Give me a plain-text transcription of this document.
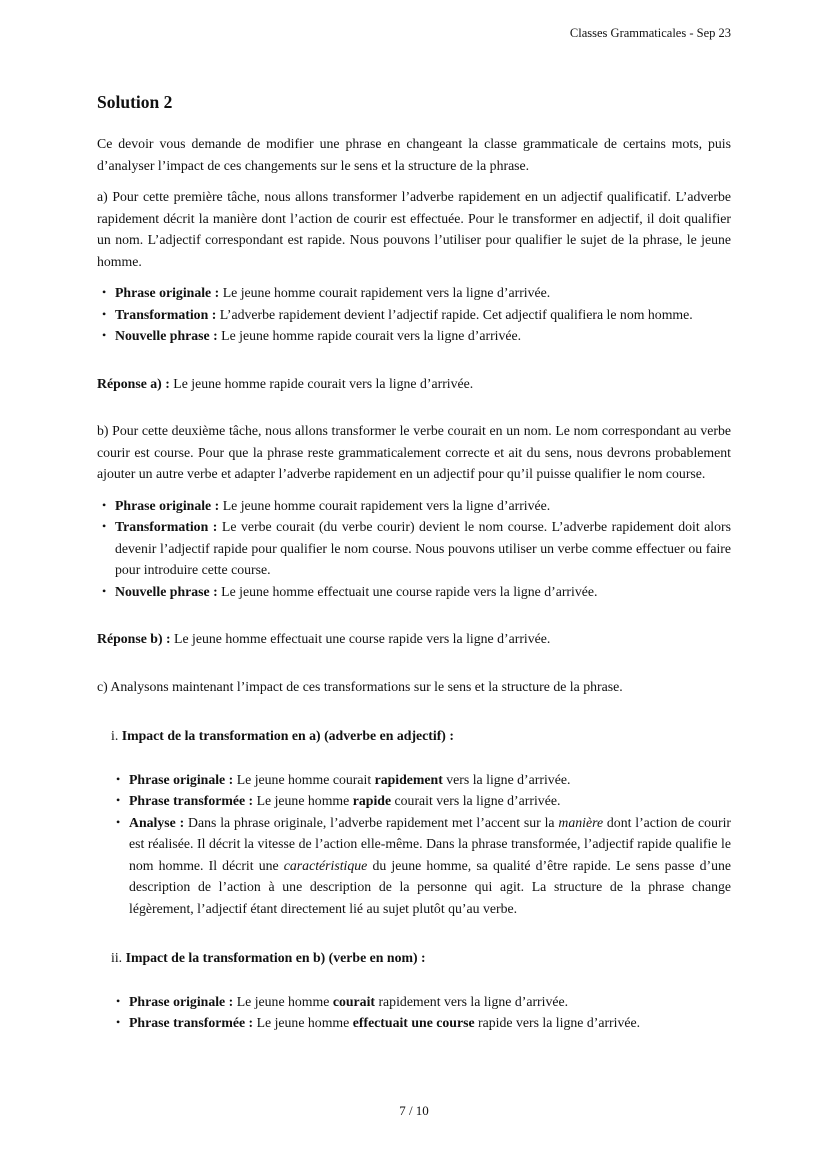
Classes Grammaticales - Sep 23
Solution 2

Ce devoir vous demande de modifier une phrase en changeant la classe grammaticale de certains mots, puis d’analyser l’impact de ces changements sur le sens et la structure de la phrase.

a) Pour cette première tâche, nous allons transformer l’adverbe rapidement en un adjectif qualificatif. L’adverbe rapidement décrit la manière dont l’action de courir est effectuée. Pour le transformer en adjectif, il doit qualifier un nom. L’adjectif correspondant est rapide. Nous pouvons l’utiliser pour qualifier le sujet de la phrase, le jeune homme.

• Phrase originale : Le jeune homme courait rapidement vers la ligne d’arrivée.
• Transformation : L’adverbe rapidement devient l’adjectif rapide. Cet adjectif qualifiera le nom homme.
• Nouvelle phrase : Le jeune homme rapide courait vers la ligne d’arrivée.

Réponse a) : Le jeune homme rapide courait vers la ligne d’arrivée.

b) Pour cette deuxième tâche, nous allons transformer le verbe courait en un nom. Le nom correspondant au verbe courir est course. Pour que la phrase reste grammaticalement correcte et ait du sens, nous devrons probablement ajouter un autre verbe et adapter l’adverbe rapidement en un adjectif pour qu’il puisse qualifier le nom course.

• Phrase originale : Le jeune homme courait rapidement vers la ligne d’arrivée.
• Transformation : Le verbe courait (du verbe courir) devient le nom course. L’adverbe rapidement doit alors devenir l’adjectif rapide pour qualifier le nom course. Nous pouvons utiliser un verbe comme effectuer ou faire pour introduire cette course.
• Nouvelle phrase : Le jeune homme effectuait une course rapide vers la ligne d’arrivée.

Réponse b) : Le jeune homme effectuait une course rapide vers la ligne d’arrivée.

c) Analysons maintenant l’impact de ces transformations sur le sens et la structure de la phrase.

i. Impact de la transformation en a) (adverbe en adjectif) :

• Phrase originale : Le jeune homme courait rapidement vers la ligne d’arrivée.
• Phrase transformée : Le jeune homme rapide courait vers la ligne d’arrivée.
• Analyse : Dans la phrase originale, l’adverbe rapidement met l’accent sur la manière dont l’action de courir est réalisée. Il décrit la vitesse de l’action elle-même. Dans la phrase transformée, l’adjectif rapide qualifie le nom homme. Il décrit une caractéristique du jeune homme, sa qualité d’être rapide. Le sens passe d’une description de l’action à une description de la personne qui agit. La structure de la phrase change légèrement, l’adjectif étant directement lié au sujet plutôt qu’au verbe.

ii. Impact de la transformation en b) (verbe en nom) :

• Phrase originale : Le jeune homme courait rapidement vers la ligne d’arrivée.
• Phrase transformée : Le jeune homme effectuait une course rapide vers la ligne d’arrivée.
7 / 10
